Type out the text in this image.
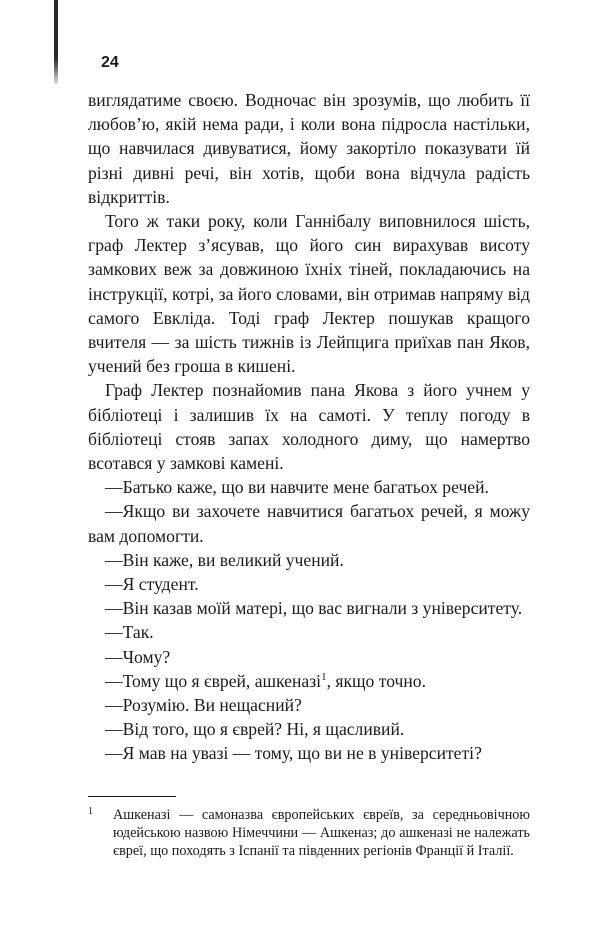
24

виглядатиме своєю. Водночас він зрозумів, що любить її любов’ю, якій нема ради, і коли вона підросла настільки, що навчилася дивуватися, йому закортіло показувати їй різні дивні речі, він хотів, щоби вона відчула радість відкриттів.

Того ж таки року, коли Ганнібалу виповнилося шість, граф Лектер з’ясував, що його син вирахував висоту замкових веж за довжиною їхніх тіней, покладаючись на інструкції, котрі, за його словами, він отримав напряму від самого Евкліда. Тоді граф Лектер пошукав кращого вчителя — за шість тижнів із Лейпцига приїхав пан Яков, учений без гроша в кишені.

Граф Лектер познайомив пана Якова з його учнем у бібліотеці і залишив їх на самоті. У теплу погоду в бібліотеці стояв запах холодного диму, що намертво всотався у замкові камені.

—Батько каже, що ви навчите мене багатьох речей.

—Якщо ви захочете навчитися багатьох речей, я можу вам допомогти.

—Він каже, ви великий учений.

—Я студент.

—Він казав моїй матері, що вас вигнали з університету.

—Так.

—Чому?

—Тому що я єврей, ашкеназі$^1$, якщо точно.

—Розумію. Ви нещасний?

—Від того, що я єврей? Ні, я щасливий.

—Я мав на увазі — тому, що ви не в університеті?

1 Ашкеназі — самоназва європейських євреїв, за середньовічною юдейською назвою Німеччини — Ашкеназ; до ашкеназі не належать євреї, що походять з Іспанії та південних регіонів Франції й Італії.
